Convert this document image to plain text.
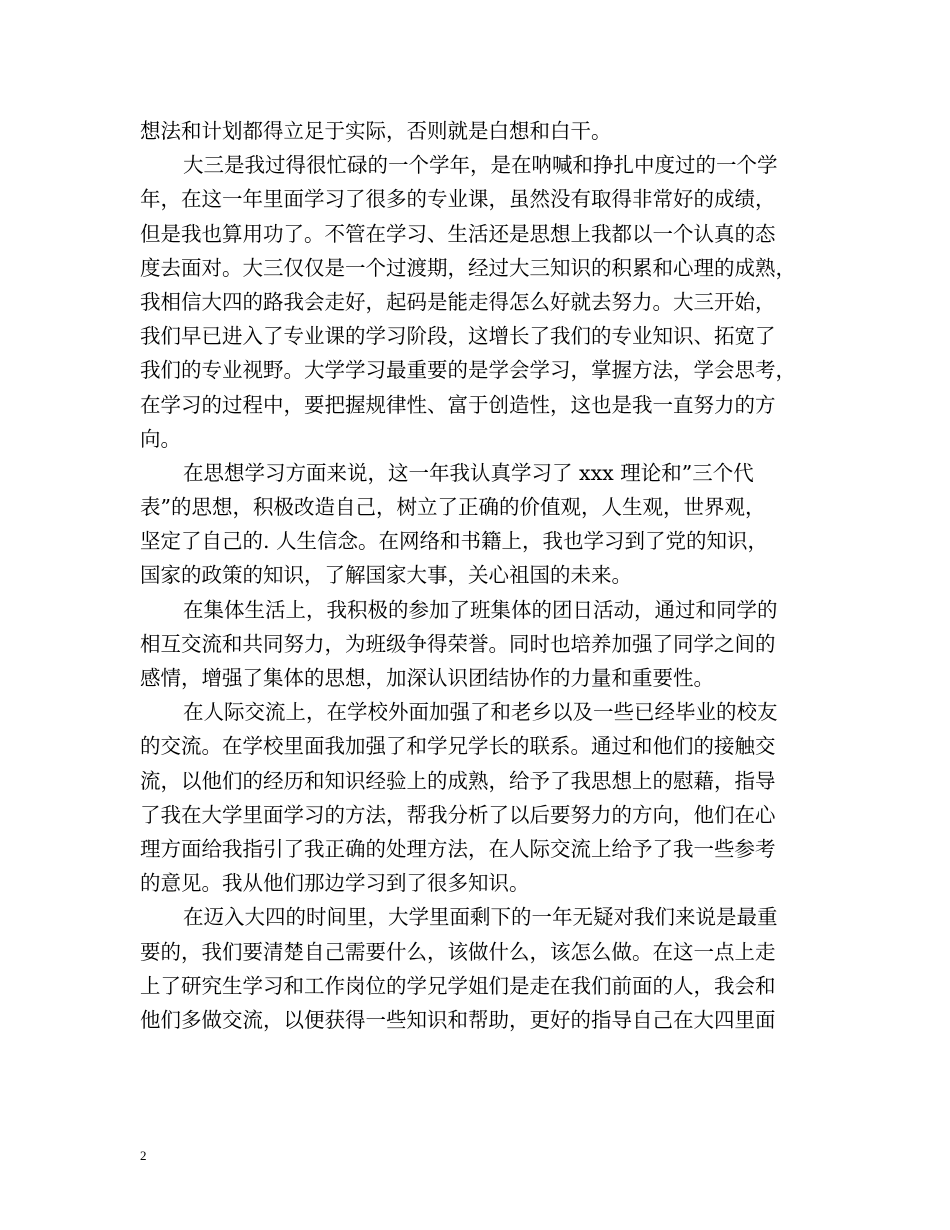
想法和计划都得立足于实际，否则就是白想和白干。
大三是我过得很忙碌的一个学年，是在呐喊和挣扎中度过的一个学
年，在这一年里面学习了很多的专业课，虽然没有取得非常好的成绩，
但是我也算用功了。不管在学习、生活还是思想上我都以一个认真的态
度去面对。大三仅仅是一个过渡期，经过大三知识的积累和心理的成熟，
我相信大四的路我会走好，起码是能走得怎么好就去努力。大三开始，
我们早已进入了专业课的学习阶段，这增长了我们的专业知识、拓宽了
我们的专业视野。大学学习最重要的是学会学习，掌握方法，学会思考，
在学习的过程中，要把握规律性、富于创造性，这也是我一直努力的方
向。
在思想学习方面来说，这一年我认真学习了 xxx 理论和”三个代
表”的思想，积极改造自己，树立了正确的价值观，人生观，世界观，
坚定了自己的. 人生信念。在网络和书籍上，我也学习到了党的知识，
国家的政策的知识，了解国家大事，关心祖国的未来。
在集体生活上，我积极的参加了班集体的团日活动，通过和同学的
相互交流和共同努力，为班级争得荣誉。同时也培养加强了同学之间的
感情，增强了集体的思想，加深认识团结协作的力量和重要性。
在人际交流上，在学校外面加强了和老乡以及一些已经毕业的校友
的交流。在学校里面我加强了和学兄学长的联系。通过和他们的接触交
流，以他们的经历和知识经验上的成熟，给予了我思想上的慰藉，指导
了我在大学里面学习的方法，帮我分析了以后要努力的方向，他们在心
理方面给我指引了我正确的处理方法，在人际交流上给予了我一些参考
的意见。我从他们那边学习到了很多知识。
在迈入大四的时间里，大学里面剩下的一年无疑对我们来说是最重
要的，我们要清楚自己需要什么，该做什么，该怎么做。在这一点上走
上了研究生学习和工作岗位的学兄学姐们是走在我们前面的人，我会和
他们多做交流，以便获得一些知识和帮助，更好的指导自己在大四里面
2
